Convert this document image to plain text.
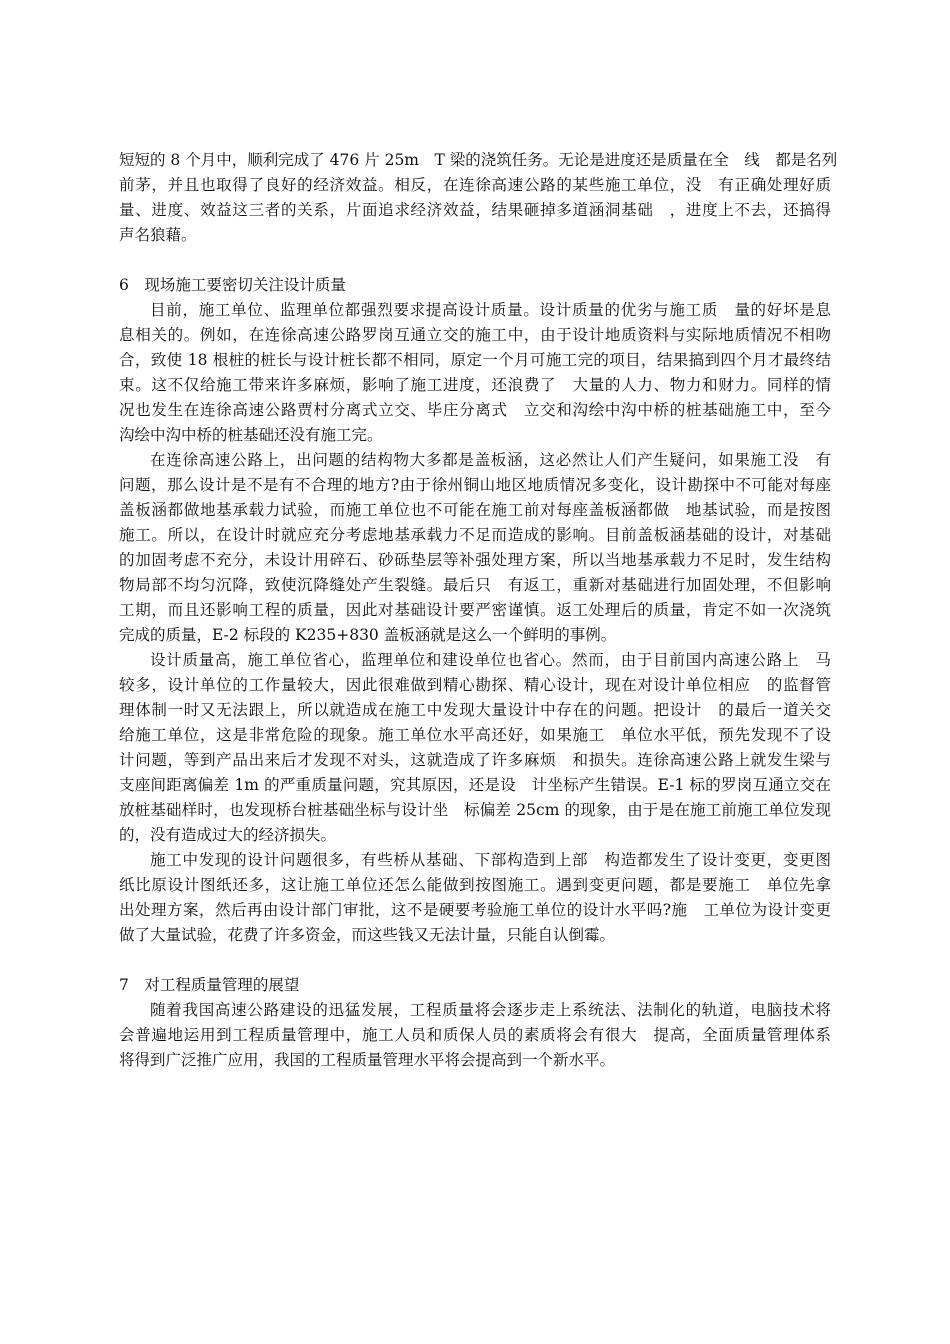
短短的 8 个月中，顺利完成了 476 片 25m　T 梁的浇筑任务。无论是进度还是质量在全　线　都是名列
前茅，并且也取得了良好的经济效益。相反，在连徐高速公路的某些施工单位，没　有正确处理好质
量、进度、效益这三者的关系，片面追求经济效益，结果砸掉多道涵洞基础　，进度上不去，还搞得
声名狼藉。
6　现场施工要密切关注设计质量
目前，施工单位、监理单位都强烈要求提高设计质量。设计质量的优劣与施工质　量的好坏是息
息相关的。例如，在连徐高速公路罗岗互通立交的施工中，由于设计地质资料与实际地质情况不相吻
合，致使 18 根桩的桩长与设计桩长都不相同，原定一个月可施工完的项目，结果搞到四个月才最终结
束。这不仅给施工带来许多麻烦，影响了施工进度，还浪费了　大量的人力、物力和财力。同样的情
况也发生在连徐高速公路贾村分离式立交、毕庄分离式　立交和沟绘中沟中桥的桩基础施工中，至今
沟绘中沟中桥的桩基础还没有施工完。
在连徐高速公路上，出问题的结构物大多都是盖板涵，这必然让人们产生疑问，如果施工没　有
问题，那么设计是不是有不合理的地方?由于徐州铜山地区地质情况多变化，设计勘探中不可能对每座
盖板涵都做地基承载力试验，而施工单位也不可能在施工前对每座盖板涵都做　地基试验，而是按图
施工。所以，在设计时就应充分考虑地基承载力不足而造成的影响。目前盖板涵基础的设计，对基础
的加固考虑不充分，未设计用碎石、砂砾垫层等补强处理方案，所以当地基承载力不足时，发生结构
物局部不均匀沉降，致使沉降缝处产生裂缝。最后只　有返工，重新对基础进行加固处理，不但影响
工期，而且还影响工程的质量，因此对基础设计要严密谨慎。返工处理后的质量，肯定不如一次浇筑
完成的质量，E-2 标段的 K235+830 盖板涵就是这么一个鲜明的事例。
设计质量高，施工单位省心，监理单位和建设单位也省心。然而，由于目前国内高速公路上　马
较多，设计单位的工作量较大，因此很难做到精心勘探、精心设计，现在对设计单位相应　的监督管
理体制一时又无法跟上，所以就造成在施工中发现大量设计中存在的问题。把设计　的最后一道关交
给施工单位，这是非常危险的现象。施工单位水平高还好，如果施工　单位水平低，预先发现不了设
计问题，等到产品出来后才发现不对头，这就造成了许多麻烦　和损失。连徐高速公路上就发生梁与
支座间距离偏差 1m 的严重质量问题，究其原因，还是设　计坐标产生错误。E-1 标的罗岗互通立交在
放桩基础样时，也发现桥台桩基础坐标与设计坐　标偏差 25cm 的现象，由于是在施工前施工单位发现
的，没有造成过大的经济损失。
施工中发现的设计问题很多，有些桥从基础、下部构造到上部　构造都发生了设计变更，变更图
纸比原设计图纸还多，这让施工单位还怎么能做到按图施工。遇到变更问题，都是要施工　单位先拿
出处理方案，然后再由设计部门审批，这不是硬要考验施工单位的设计水平吗?施　工单位为设计变更
做了大量试验，花费了许多资金，而这些钱又无法计量，只能自认倒霉。
7　对工程质量管理的展望
随着我国高速公路建设的迅猛发展，工程质量将会逐步走上系统法、法制化的轨道，电脑技术将
会普遍地运用到工程质量管理中，施工人员和质保人员的素质将会有很大　提高，全面质量管理体系
将得到广泛推广应用，我国的工程质量管理水平将会提高到一个新水平。
